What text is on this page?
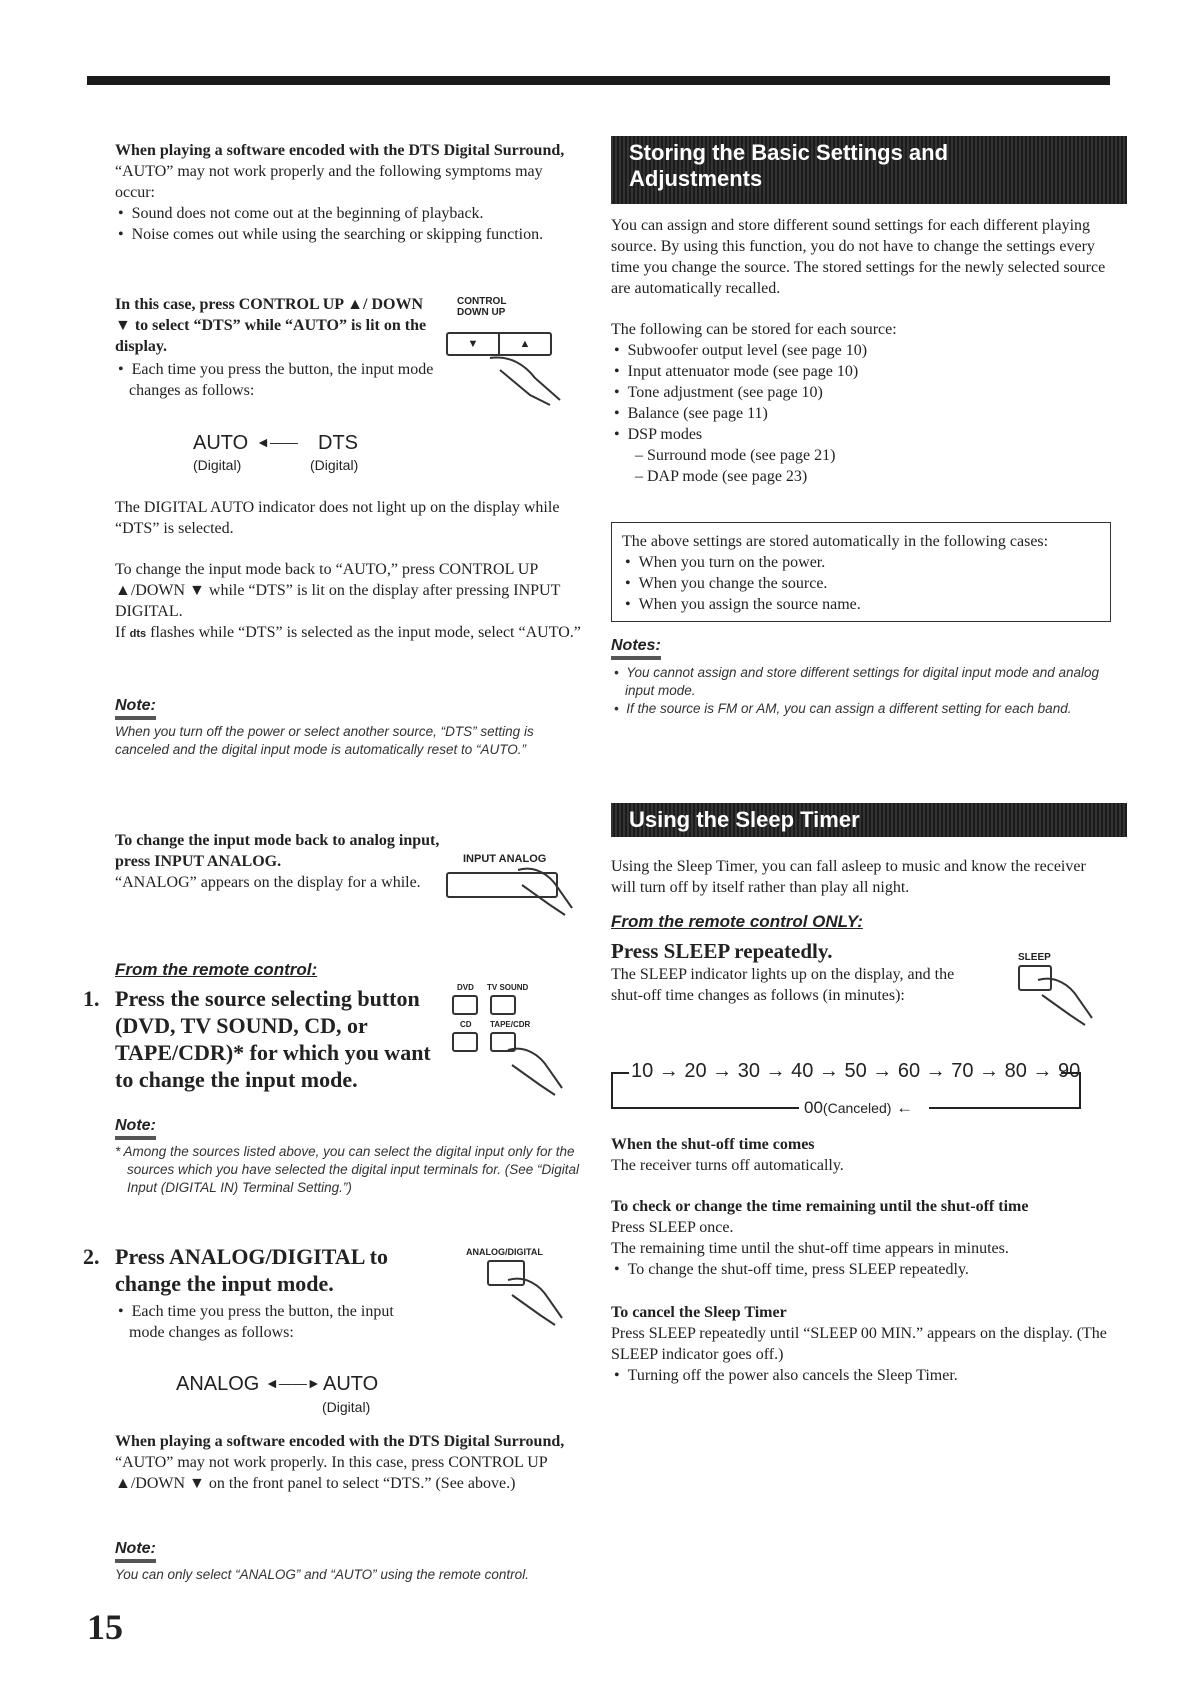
When playing a software encoded with the DTS Digital Surround, “AUTO” may not work properly and the following symptoms may occur:

•  Sound does not come out at the beginning of playback.

•  Noise comes out while using the searching or skipping function.

In this case, press CONTROL UP ▲/ DOWN ▼ to select “DTS” while “AUTO” is lit on the display.

•  Each time you press the button, the input mode changes as follows:

CONTROL
DOWN UP
▼	▲
AUTO ◄—— DTS
(Digital)	(Digital)

The DIGITAL AUTO indicator does not light up on the display while “DTS” is selected.

To change the input mode back to “AUTO,” press CONTROL UP ▲/DOWN ▼ while “DTS” is lit on the display after pressing INPUT DIGITAL.

If dts flashes while “DTS” is selected as the input mode, select “AUTO.”

Note:

When you turn off the power or select another source, “DTS” setting is canceled and the digital input mode is automatically reset to “AUTO.”

To change the input mode back to analog input, press INPUT ANALOG.

“ANALOG” appears on the display for a while.

INPUT ANALOG

From the remote control:

1. Press the source selecting button (DVD, TV SOUND, CD, or TAPE/CDR)* for which you want to change the input mode.

DVD TV SOUND
CD TAPE/CDR

Note:

* Among the sources listed above, you can select the digital input only for the sources which you have selected the digital input terminals for. (See “Digital Input (DIGITAL IN) Terminal Setting.”)

2. Press ANALOG/DIGITAL to change the input mode.

•  Each time you press the button, the input mode changes as follows:

ANALOG/DIGITAL
ANALOG ◄——► AUTO
(Digital)

When playing a software encoded with the DTS Digital Surround, “AUTO” may not work properly. In this case, press CONTROL UP ▲/DOWN ▼ on the front panel to select “DTS.” (See above.)

Note:

You can only select “ANALOG” and “AUTO” using the remote control.

15
Storing the Basic Settings and
Adjustments

You can assign and store different sound settings for each different playing source. By using this function, you do not have to change the settings every time you change the source. The stored settings for the newly selected source are automatically recalled.

The following can be stored for each source:

•  Subwoofer output level (see page 10)

•  Input attenuator mode (see page 10)

•  Tone adjustment (see page 10)

•  Balance (see page 11)

•  DSP modes

– Surround mode (see page 21)

– DAP mode (see page 23)

The above settings are stored automatically in the following cases:

•  When you turn on the power.

•  When you change the source.

•  When you assign the source name.

Notes:

•  You cannot assign and store different settings for digital input mode and analog input mode.

•  If the source is FM or AM, you can assign a different setting for each band.

Using the Sleep Timer

Using the Sleep Timer, you can fall asleep to music and know the receiver will turn off by itself rather than play all night.

From the remote control ONLY:

Press SLEEP repeatedly.

The SLEEP indicator lights up on the display, and the shut-off time changes as follows (in minutes):

SLEEP
10 → 20 → 30 → 40 → 50 → 60 → 70 → 80 → 90
00(Canceled) ←

When the shut-off time comes

The receiver turns off automatically.

To check or change the time remaining until the shut-off time

Press SLEEP once.

The remaining time until the shut-off time appears in minutes.

•  To change the shut-off time, press SLEEP repeatedly.

To cancel the Sleep Timer

Press SLEEP repeatedly until “SLEEP 00 MIN.” appears on the display. (The SLEEP indicator goes off.)

•  Turning off the power also cancels the Sleep Timer.
